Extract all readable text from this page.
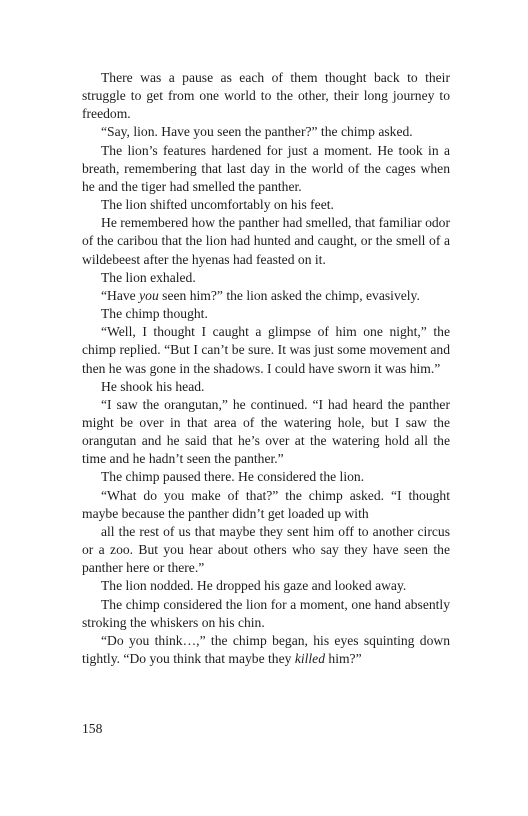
There was a pause as each of them thought back to their struggle to get from one world to the other, their long journey to freedom.

“Say, lion. Have you seen the panther?” the chimp asked.

The lion’s features hardened for just a moment. He took in a breath, remembering that last day in the world of the cages when he and the tiger had smelled the panther.

The lion shifted uncomfortably on his feet.

He remembered how the panther had smelled, that familiar odor of the caribou that the lion had hunted and caught, or the smell of a wildebeest after the hyenas had feasted on it.

The lion exhaled.

“Have you seen him?” the lion asked the chimp, evasively.

The chimp thought.

“Well, I thought I caught a glimpse of him one night,” the chimp replied. “But I can’t be sure. It was just some movement and then he was gone in the shadows. I could have sworn it was him.”

He shook his head.

“I saw the orangutan,” he continued. “I had heard the panther might be over in that area of the watering hole, but I saw the orangutan and he said that he’s over at the watering hold all the time and he hadn’t seen the panther.”

The chimp paused there. He considered the lion.

“What do you make of that?” the chimp asked. “I thought maybe because the panther didn’t get loaded up with

all the rest of us that maybe they sent him off to another circus or a zoo. But you hear about others who say they have seen the panther here or there.”

The lion nodded. He dropped his gaze and looked away.

The chimp considered the lion for a moment, one hand absently stroking the whiskers on his chin.

“Do you think…,” the chimp began, his eyes squinting down tightly. “Do you think that maybe they killed him?”

158
